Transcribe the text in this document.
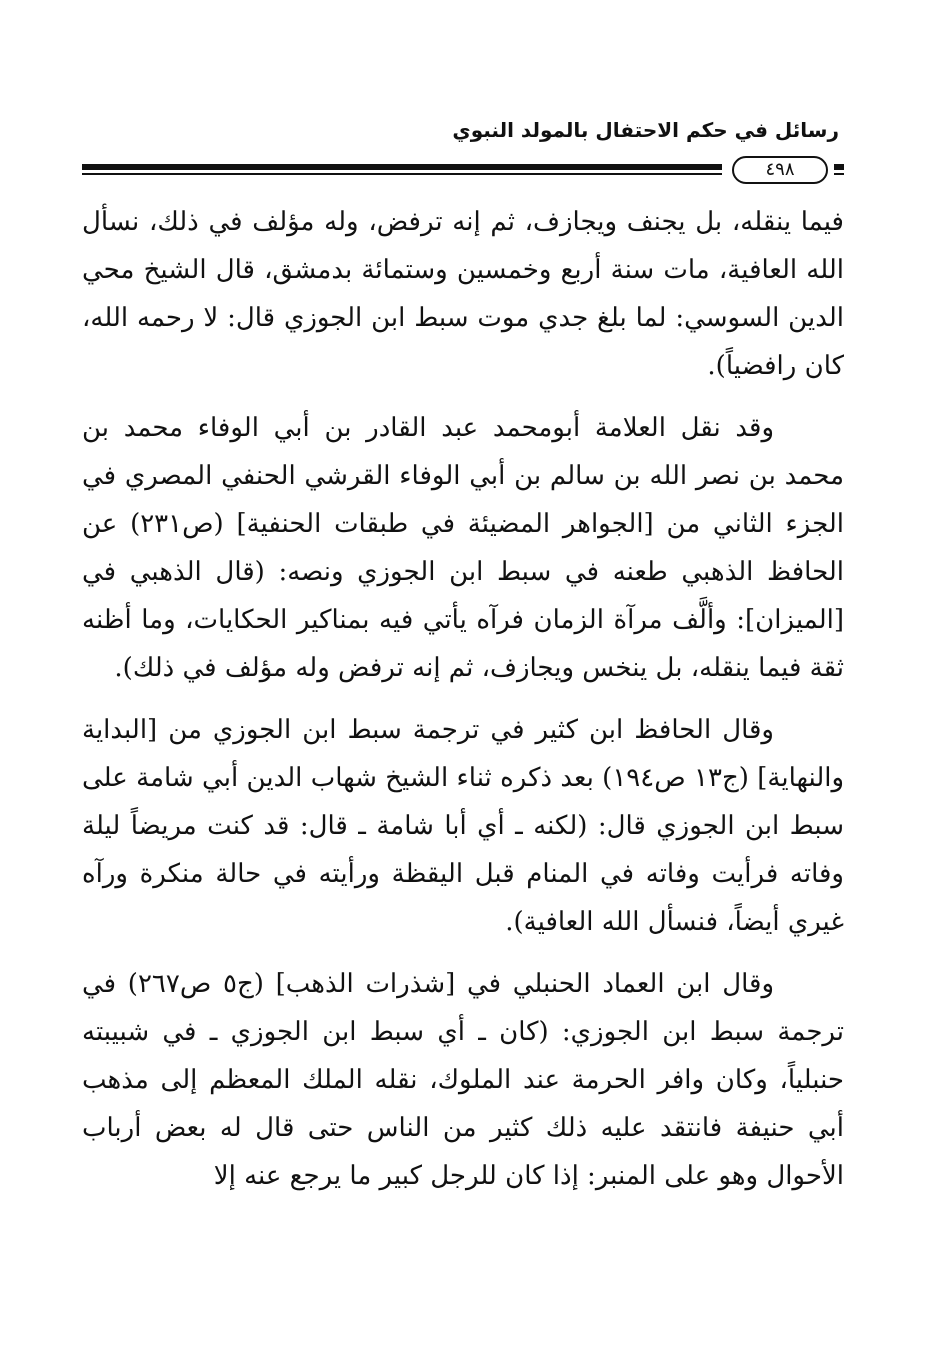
رسائل في حكم الاحتفال بالمولد النبوي
٤٩٨

فيما ينقله، بل يجنف ويجازف، ثم إنه ترفض، وله مؤلف في ذلك، نسأل الله العافية، مات سنة أربع وخمسين وستمائة بدمشق، قال الشيخ محي الدين السوسي: لما بلغ جدي موت سبط ابن الجوزي قال: لا رحمه الله، كان رافضياً).

وقد نقل العلامة أبومحمد عبد القادر بن أبي الوفاء محمد بن محمد بن نصر الله بن سالم بن أبي الوفاء القرشي الحنفي المصري في الجزء الثاني من [الجواهر المضيئة في طبقات الحنفية] (ص٢٣١) عن الحافظ الذهبي طعنه في سبط ابن الجوزي ونصه: (قال الذهبي في [الميزان]: وألَّف مرآة الزمان فرآه يأتي فيه بمناكير الحكايات، وما أظنه ثقة فيما ينقله، بل ينخس ويجازف، ثم إنه ترفض وله مؤلف في ذلك).

وقال الحافظ ابن كثير في ترجمة سبط ابن الجوزي من [البداية والنهاية] (ج١٣ ص١٩٤) بعد ذكره ثناء الشيخ شهاب الدين أبي شامة على سبط ابن الجوزي قال: (لكنه ـ أي أبا شامة ـ قال: قد كنت مريضاً ليلة وفاته فرأيت وفاته في المنام قبل اليقظة ورأيته في حالة منكرة ورآه غيري أيضاً، فنسأل الله العافية).

وقال ابن العماد الحنبلي في [شذرات الذهب] (ج٥ ص٢٦٧) في ترجمة سبط ابن الجوزي: (كان ـ أي سبط ابن الجوزي ـ في شبيبته حنبلياً، وكان وافر الحرمة عند الملوك، نقله الملك المعظم إلى مذهب أبي حنيفة فانتقد عليه ذلك كثير من الناس حتى قال له بعض أرباب الأحوال وهو على المنبر: إذا كان للرجل كبير ما يرجع عنه إلا
